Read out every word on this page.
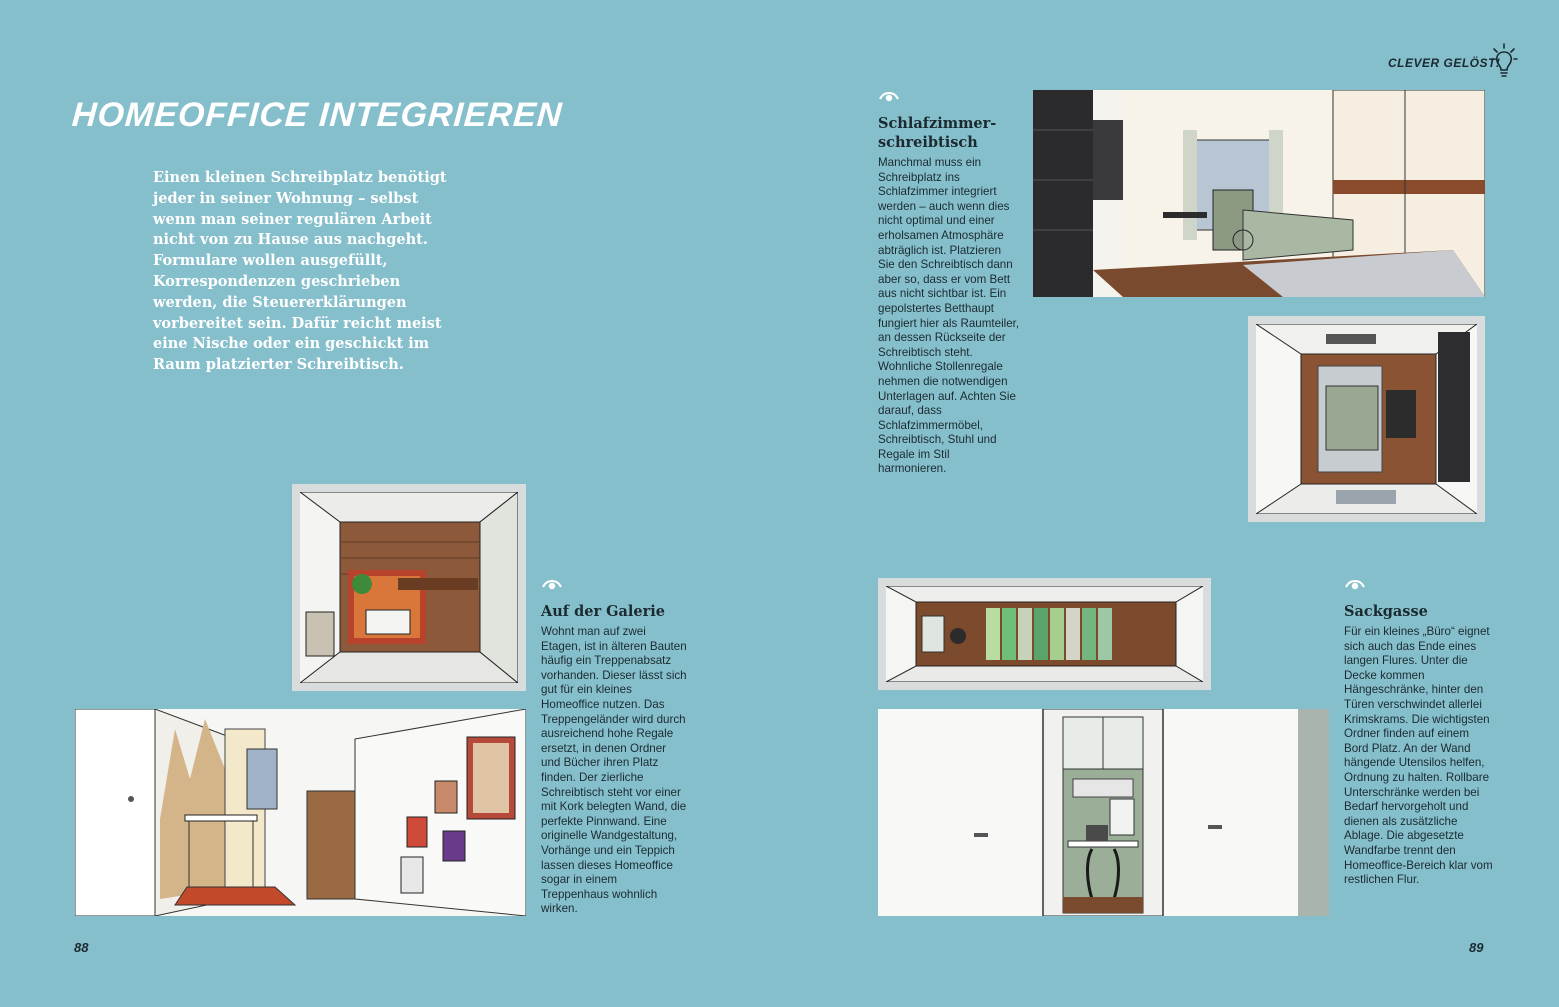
HOMEOFFICE INTEGRIEREN
CLEVER GELÖST!

Einen kleinen Schreibplatz benötigt jeder in seiner Wohnung – selbst wenn man seiner regulären Arbeit nicht von zu Hause aus nachgeht. Formulare wollen ausgefüllt, Korrespondenzen geschrieben werden, die Steuererklärungen vorbereitet sein. Dafür reicht meist eine Nische oder ein geschickt im Raum platzierter Schreibtisch.

Auf der Galerie

Wohnt man auf zwei Etagen, ist in älteren Bauten häufig ein Treppenabsatz vorhanden. Dieser lässt sich gut für ein kleines Homeoffice nutzen. Das Treppengeländer wird durch ausreichend hohe Regale ersetzt, in denen Ordner und Bücher ihren Platz finden. Der zierliche Schreibtisch steht vor einer mit Kork belegten Wand, die perfekte Pinnwand. Eine originelle Wandgestaltung, Vorhänge und ein Teppich lassen dieses Homeoffice sogar in einem Treppenhaus wohnlich wirken.

Schlafzimmer-schreibtisch

Manchmal muss ein Schreibplatz ins Schlafzimmer integriert werden – auch wenn dies nicht optimal und einer erholsamen Atmosphäre abträglich ist. Platzieren Sie den Schreibtisch dann aber so, dass er vom Bett aus nicht sichtbar ist. Ein gepolstertes Betthaupt fungiert hier als Raumteiler, an dessen Rückseite der Schreibtisch steht. Wohnliche Stollenregale nehmen die notwendigen Unterlagen auf. Achten Sie darauf, dass Schlafzimmermöbel, Schreibtisch, Stuhl und Regale im Stil harmonieren.

Sackgasse

Für ein kleines „Büro“ eignet sich auch das Ende eines langen Flures. Unter die Decke kommen Hängeschränke, hinter den Türen verschwindet allerlei Krimskrams. Die wichtigsten Ordner finden auf einem Bord Platz. An der Wand hängende Utensilos helfen, Ordnung zu halten. Rollbare Unterschränke werden bei Bedarf hervorgeholt und dienen als zusätzliche Ablage. Die abgesetzte Wandfarbe trennt den Homeoffice-Bereich klar vom restlichen Flur.

88	89
